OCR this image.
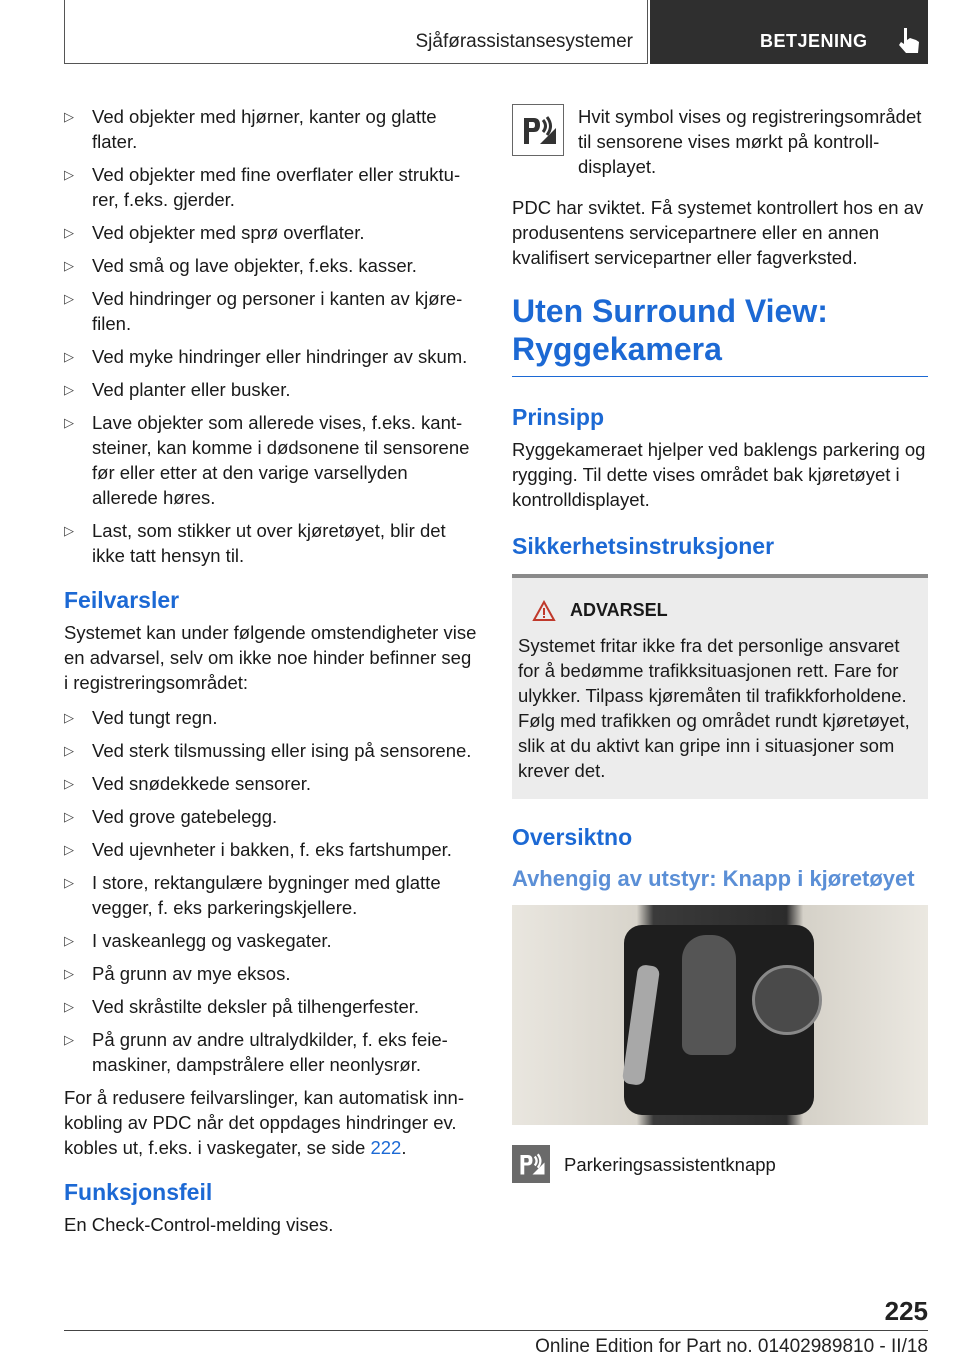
Sjåførassistansesystemer	BETJENING
▷ Ved objekter med hjørner, kanter og glatte flater.
▷ Ved objekter med fine overflater eller strukturer, f.eks. gjerder.
▷ Ved objekter med sprø overflater.
▷ Ved små og lave objekter, f.eks. kasser.
▷ Ved hindringer og personer i kanten av kjørefilen.
▷ Ved myke hindringer eller hindringer av skum.
▷ Ved planter eller busker.
▷ Lave objekter som allerede vises, f.eks. kantsteiner, kan komme i dødsonene til sensorene før eller etter at den varige varsellyden allerede høres.
▷ Last, som stikker ut over kjøretøyet, blir det ikke tatt hensyn til.
Feilvarsler

Systemet kan under følgende omstendigheter vise en advarsel, selv om ikke noe hinder befinner seg i registreringsområdet:

▷ Ved tungt regn.
▷ Ved sterk tilsmussing eller ising på sensorene.
▷ Ved snødekkede sensorer.
▷ Ved grove gatebelegg.
▷ Ved ujevnheter i bakken, f. eks fartshumper.
▷ I store, rektangulære bygninger med glatte vegger, f. eks parkeringskjellere.
▷ I vaskeanlegg og vaskegater.
▷ På grunn av mye eksos.
▷ Ved skråstilte deksler på tilhengerfester.
▷ På grunn av andre ultralydkilder, f. eks feiemaskiner, dampstrålere eller neonlysrør.

For å redusere feilvarslinger, kan automatisk innkobling av PDC når det oppdages hindringer ev. kobles ut, f.eks. i vaskegater, se side 222.

Funksjonsfeil

En Check-Control-melding vises.

Hvit symbol vises og registreringsområdet til sensorene vises mørkt på kontrolldisplayet.

PDC har sviktet. Få systemet kontrollert hos en av produsentens servicepartnere eller en annen kvalifisert servicepartner eller fagverksted.

Uten Surround View: Ryggekamera
Prinsipp

Ryggekameraet hjelper ved baklengs parkering og rygging. Til dette vises området bak kjøretøyet i kontrolldisplayet.

Sikkerhetsinstruksjoner
ADVARSEL
Systemet fritar ikke fra det personlige ansvaret for å bedømme trafikksituasjonen rett. Fare for ulykker. Tilpass kjøremåten til trafikkforholdene. Følg med trafikken og området rundt kjøretøyet, slik at du aktivt kan gripe inn i situasjoner som krever det.
Oversiktno
Avhengig av utstyr: Knapp i kjøretøyet
Parkeringsassistentknapp
225
Online Edition for Part no. 01402989810 - II/18
